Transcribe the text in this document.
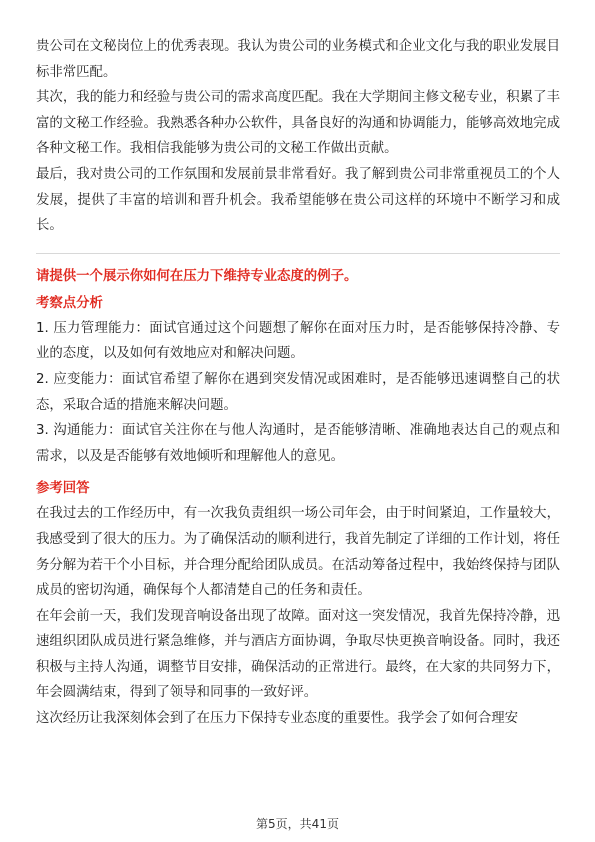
贵公司在文秘岗位上的优秀表现。我认为贵公司的业务模式和企业文化与我的职业发展目标非常匹配。

其次，我的能力和经验与贵公司的需求高度匹配。我在大学期间主修文秘专业，积累了丰富的文秘工作经验。我熟悉各种办公软件，具备良好的沟通和协调能力，能够高效地完成各种文秘工作。我相信我能够为贵公司的文秘工作做出贡献。

最后，我对贵公司的工作氛围和发展前景非常看好。我了解到贵公司非常重视员工的个人发展，提供了丰富的培训和晋升机会。我希望能够在贵公司这样的环境中不断学习和成长。

请提供一个展示你如何在压力下维持专业态度的例子。
考察点分析

1. 压力管理能力：面试官通过这个问题想了解你在面对压力时，是否能够保持冷静、专业的态度，以及如何有效地应对和解决问题。

2. 应变能力：面试官希望了解你在遇到突发情况或困难时，是否能够迅速调整自己的状态，采取合适的措施来解决问题。

3. 沟通能力：面试官关注你在与他人沟通时，是否能够清晰、准确地表达自己的观点和需求，以及是否能够有效地倾听和理解他人的意见。

参考回答

在我过去的工作经历中，有一次我负责组织一场公司年会，由于时间紧迫，工作量较大，我感受到了很大的压力。为了确保活动的顺利进行，我首先制定了详细的工作计划，将任务分解为若干个小目标，并合理分配给团队成员。在活动筹备过程中，我始终保持与团队成员的密切沟通，确保每个人都清楚自己的任务和责任。

在年会前一天，我们发现音响设备出现了故障。面对这一突发情况，我首先保持冷静，迅速组织团队成员进行紧急维修，并与酒店方面协调，争取尽快更换音响设备。同时，我还积极与主持人沟通，调整节目安排，确保活动的正常进行。最终，在大家的共同努力下，年会圆满结束，得到了领导和同事的一致好评。

这次经历让我深刻体会到了在压力下保持专业态度的重要性。我学会了如何合理安

第5页，共41页
